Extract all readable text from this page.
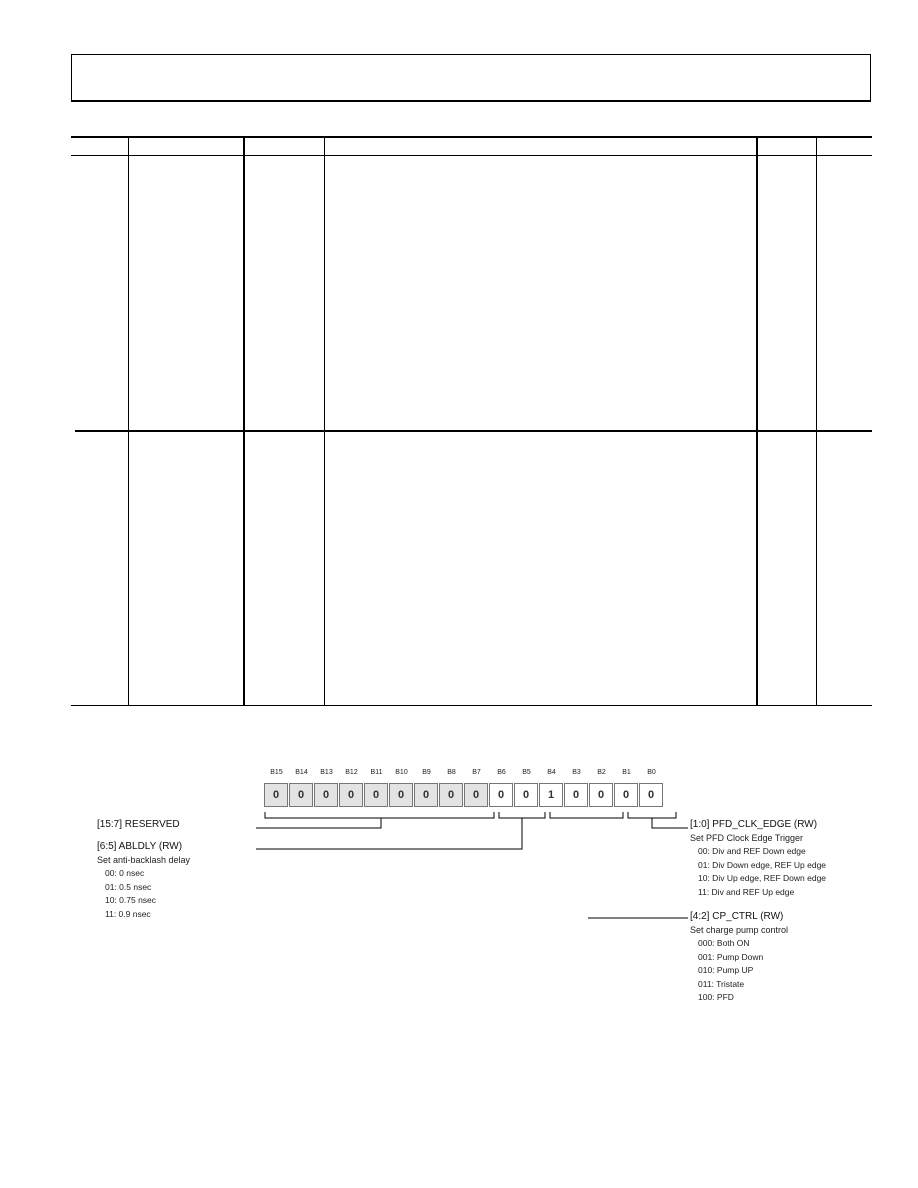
B15	B14	B13	B12	B11	B10	B9	B8	B7	B6	B5	B4	B3	B2	B1	B0
0	0	0	0	0	0	0	0	0	0	0	1	0	0	0	0
[15:7] RESERVED
[6:5] ABLDLY (RW)
Set anti-backlash delay
00: 0 nsec
01: 0.5 nsec
10: 0.75 nsec
11: 0.9 nsec
[1:0] PFD_CLK_EDGE (RW)
Set PFD Clock Edge Trigger
00: Div and REF Down edge
01: Div Down edge, REF Up edge
10: Div Up edge, REF Down edge
11: Div and REF Up edge
[4:2] CP_CTRL (RW)
Set charge pump control
000: Both ON
001: Pump Down
010: Pump UP
011: Tristate
100: PFD
